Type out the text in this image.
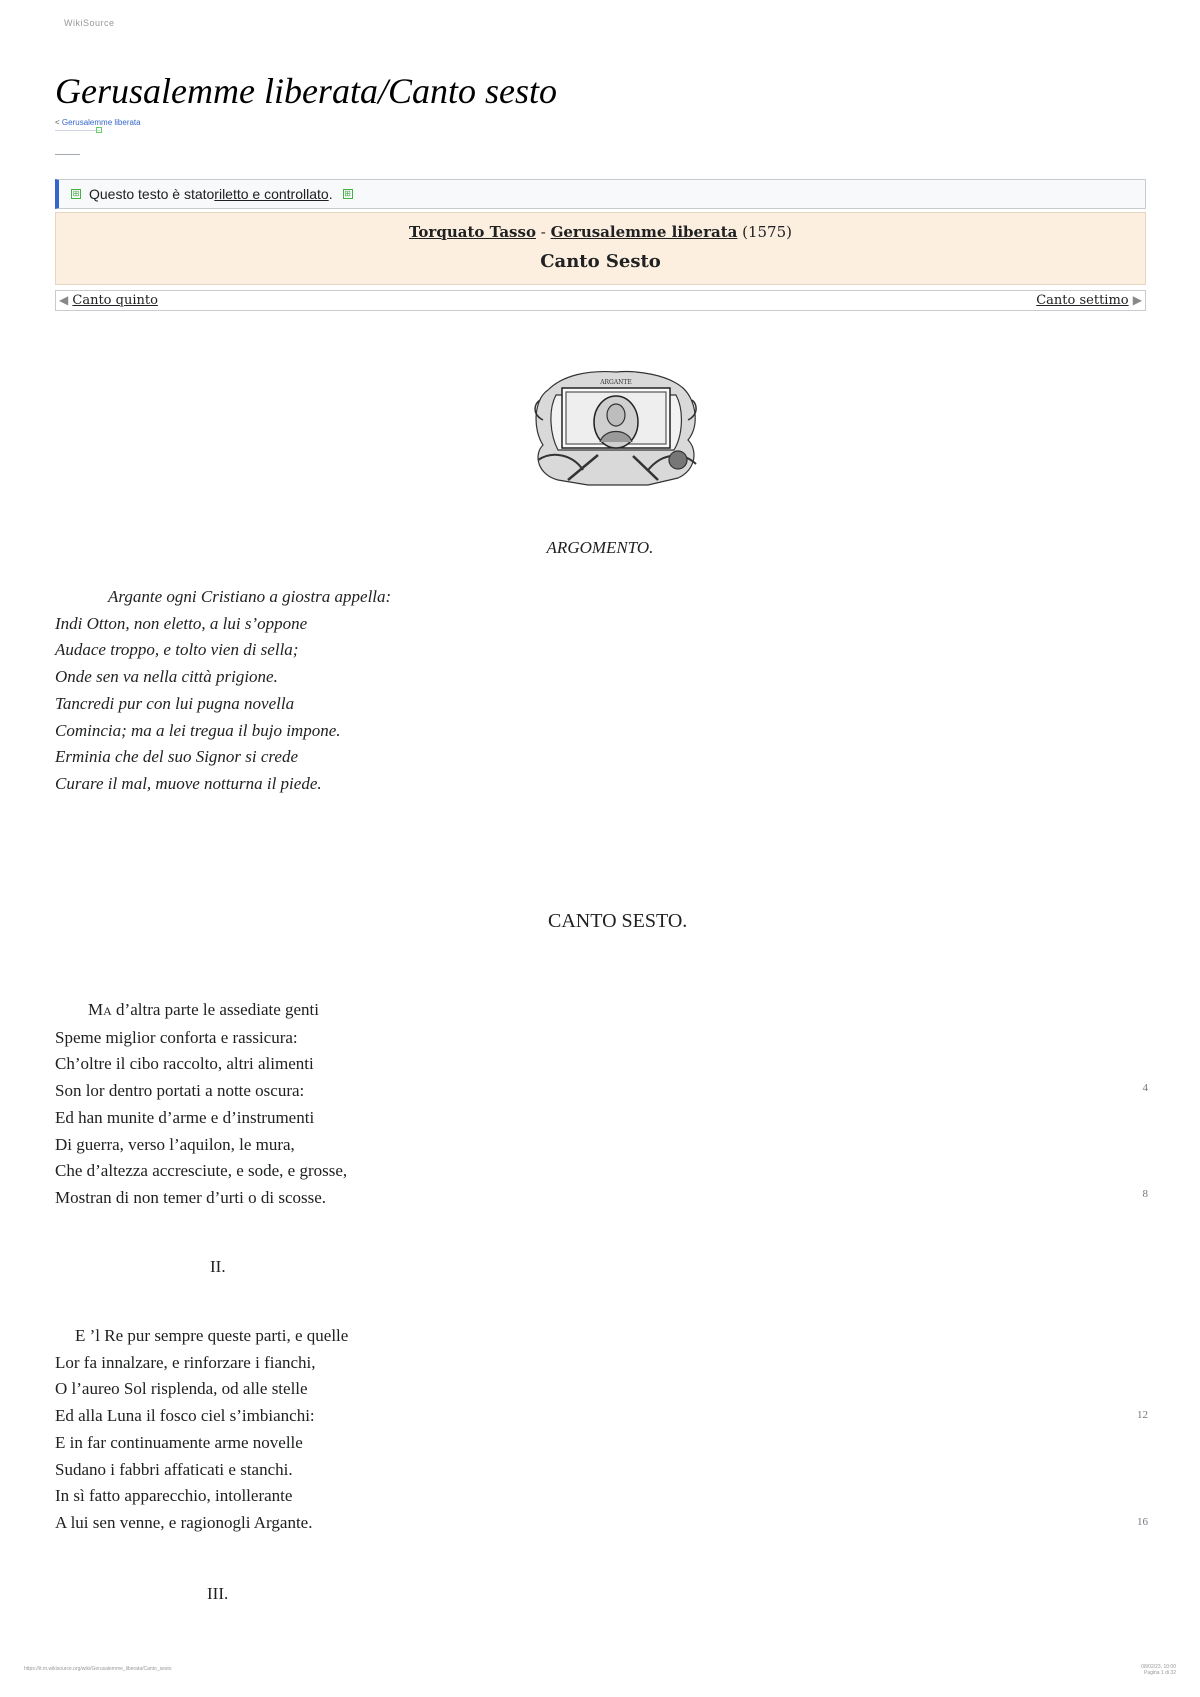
WikiSource
Gerusalemme liberata/Canto sesto
< Gerusalemme liberata
⊞ Questo testo è stato riletto e controllato . ⊞
Torquato Tasso - Gerusalemme liberata (1575)
Canto Sesto
◀ Canto quinto	Canto settimo ▶
ARGANTE
ARGOMENTO.
Argante ogni Cristiano a giostra appella:
Indi Otton, non eletto, a lui s’oppone
Audace troppo, e tolto vien di sella;
Onde sen va nella città prigione.
Tancredi pur con lui pugna novella
Comincia; ma a lei tregua il bujo impone.
Erminia che del suo Signor si crede
Curare il mal, muove notturna il piede.
CANTO SESTO.
MA d’altra parte le assediate genti
Speme miglior conforta e rassicura:
Ch’oltre il cibo raccolto, altri alimenti
Son lor dentro portati a notte oscura:
Ed han munite d’arme e d’instrumenti
Di guerra, verso l’aquilon, le mura,
Che d’altezza accresciute, e sode, e grosse,
Mostran di non temer d’urti o di scosse.
4
8
II.
E ’l Re pur sempre queste parti, e quelle
Lor fa innalzare, e rinforzare i fianchi,
O l’aureo Sol risplenda, od alle stelle
Ed alla Luna il fosco ciel s’imbianchi:
E in far continuamente arme novelle
Sudano i fabbri affaticati e stanchi.
In sì fatto apparecchio, intollerante
A lui sen venne, e ragionogli Argante.
12
16
III.
https://it.m.wikisource.org/wiki/Gerusalemme_liberata/Canto_sesto	08/02/23, 10:00
Pagina 1 di 32
